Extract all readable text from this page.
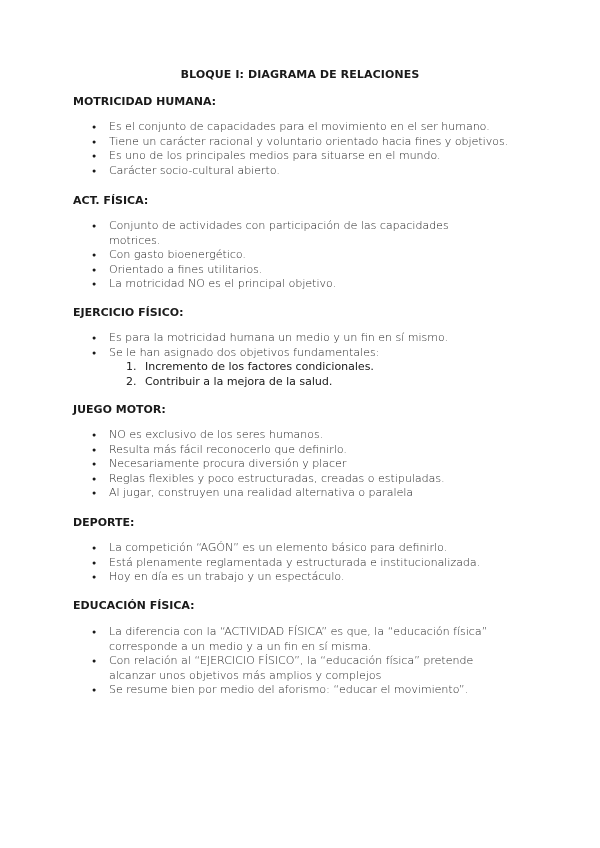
BLOQUE I: DIAGRAMA DE RELACIONES
MOTRICIDAD HUMANA:
● Es el conjunto de capacidades para el movimiento en el ser humano.
● Tiene un carácter racional y voluntario orientado hacia fines y objetivos.
● Es uno de los principales medios para situarse en el mundo.
● Carácter socio-cultural abierto.
ACT. FÍSICA:
● Conjunto de actividades con participación de las capacidades motrices.
● Con gasto bioenergético.
● Orientado a fines utilitarios.
● La motricidad NO es el principal objetivo.
EJERCICIO FÍSICO:
● Es para la motricidad humana un medio y un fin en sí mismo.
● Se le han asignado dos objetivos fundamentales:
1. Incremento de los factores condicionales.
2. Contribuir a la mejora de la salud.
JUEGO MOTOR:
● NO es exclusivo de los seres humanos.
● Resulta más fácil reconocerlo que definirlo.
● Necesariamente procura diversión y placer
● Reglas flexibles y poco estructuradas, creadas o estipuladas.
● Al jugar, construyen una realidad alternativa o paralela
DEPORTE:
● La competición “AGÓN” es un elemento básico para definirlo.
● Está plenamente reglamentada y estructurada e institucionalizada.
● Hoy en día es un trabajo y un espectáculo.
EDUCACIÓN FÍSICA:
● La diferencia con la “ACTIVIDAD FÍSICA” es que, la “educación física” corresponde a un medio y a un fin en sí misma.
● Con relación al “EJERCICIO FÍSICO”, la “educación física” pretende alcanzar unos objetivos más amplios y complejos
● Se resume bien por medio del aforismo: “educar el movimiento”.
